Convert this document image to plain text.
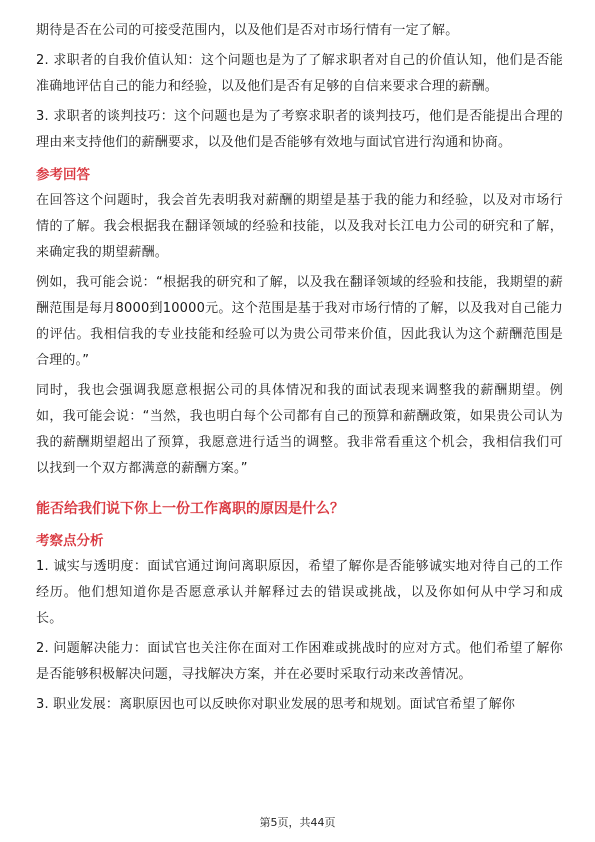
期待是否在公司的可接受范围内，以及他们是否对市场行情有一定了解。

2. 求职者的自我价值认知：这个问题也是为了了解求职者对自己的价值认知，他们是否能准确地评估自己的能力和经验，以及他们是否有足够的自信来要求合理的薪酬。

3. 求职者的谈判技巧：这个问题也是为了考察求职者的谈判技巧，他们是否能提出合理的理由来支持他们的薪酬要求，以及他们是否能够有效地与面试官进行沟通和协商。

参考回答

在回答这个问题时，我会首先表明我对薪酬的期望是基于我的能力和经验，以及对市场行情的了解。我会根据我在翻译领域的经验和技能，以及我对长江电力公司的研究和了解，来确定我的期望薪酬。

例如，我可能会说：“根据我的研究和了解，以及我在翻译领域的经验和技能，我期望的薪酬范围是每月8000到10000元。这个范围是基于我对市场行情的了解，以及我对自己能力的评估。我相信我的专业技能和经验可以为贵公司带来价值，因此我认为这个薪酬范围是合理的。”

同时，我也会强调我愿意根据公司的具体情况和我的面试表现来调整我的薪酬期望。例如，我可能会说：“当然，我也明白每个公司都有自己的预算和薪酬政策，如果贵公司认为我的薪酬期望超出了预算，我愿意进行适当的调整。我非常看重这个机会，我相信我们可以找到一个双方都满意的薪酬方案。”

能否给我们说下你上一份工作离职的原因是什么？
考察点分析

1. 诚实与透明度：面试官通过询问离职原因，希望了解你是否能够诚实地对待自己的工作经历。他们想知道你是否愿意承认并解释过去的错误或挑战，以及你如何从中学习和成长。

2. 问题解决能力：面试官也关注你在面对工作困难或挑战时的应对方式。他们希望了解你是否能够积极解决问题，寻找解决方案，并在必要时采取行动来改善情况。

3. 职业发展：离职原因也可以反映你对职业发展的思考和规划。面试官希望了解你

第5页，共44页
